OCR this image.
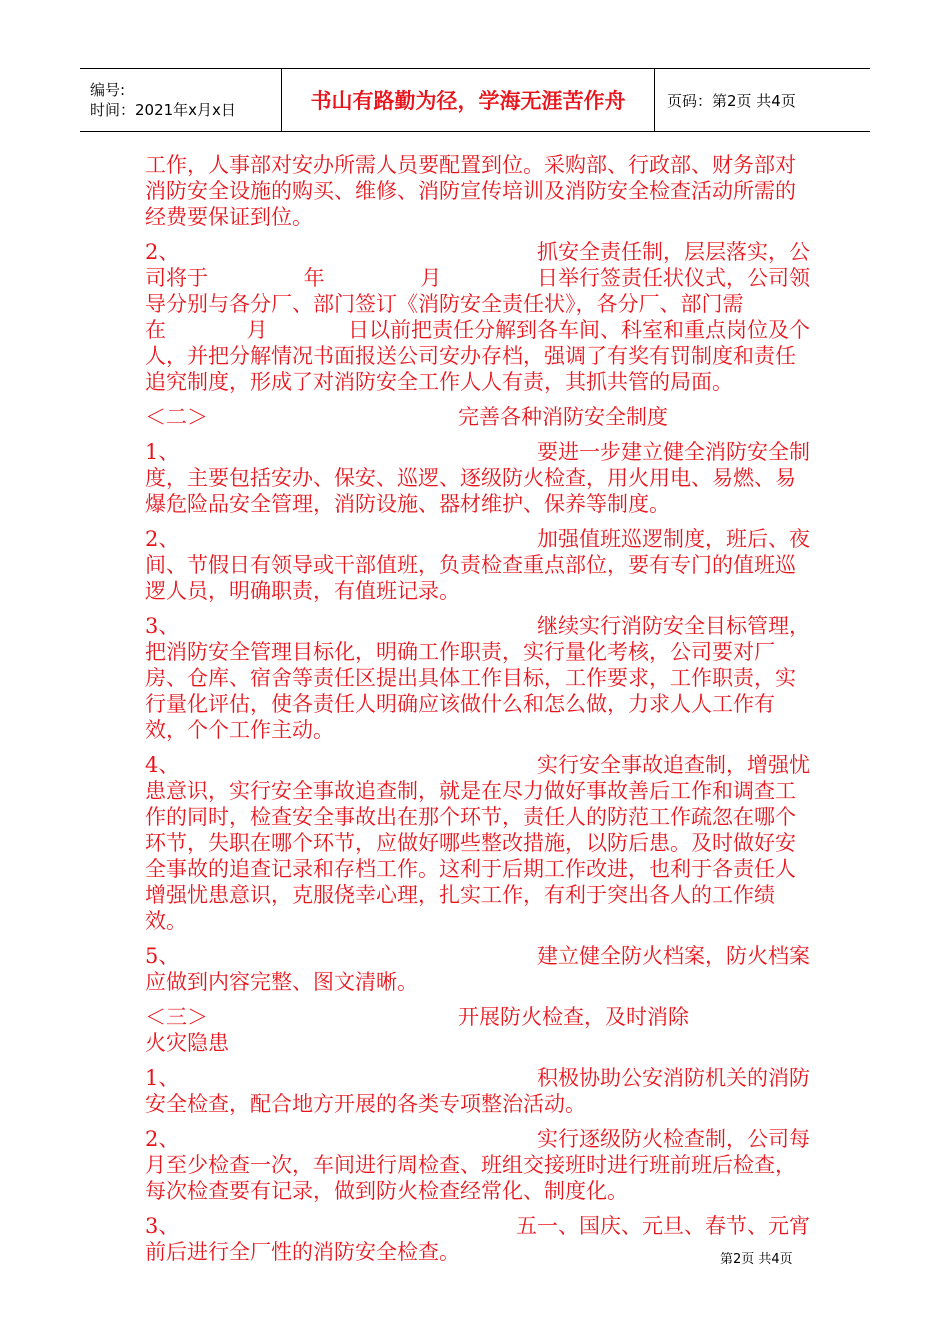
编号:
时间：2021年x月x日	书山有路勤为径，学海无涯苦作舟	页码：第2页 共4页

工作，人事部对安办所需人员要配置到位。采购部、行政部、财务部对消防安全设施的购买、维修、消防宣传培训及消防安全检查活动所需的经费要保证到位。

2、	抓安全责任制，层层落实，公
司将于	年	月	日举行签责任状仪式，公司领
导分别与各分厂、部门签订《消防安全责任状》，各分厂、部门需
在	月	日以前把责任分解到各车间、科室和重点岗位及个
人，并把分解情况书面报送公司安办存档，强调了有奖有罚制度和责任追究制度，形成了对消防安全工作人人有责，其抓共管的局面。
＜二＞	完善各种消防安全制度
1、	要进一步建立健全消防安全制
度，主要包括安办、保安、巡逻、逐级防火检查，用火用电、易燃、易爆危险品安全管理，消防设施、器材维护、保养等制度。
2、	加强值班巡逻制度，班后、夜
间、节假日有领导或干部值班，负责检查重点部位，要有专门的值班巡逻人员，明确职责，有值班记录。
3、	继续实行消防安全目标管理，
把消防安全管理目标化，明确工作职责，实行量化考核，公司要对厂房、仓库、宿舍等责任区提出具体工作目标，工作要求，工作职责，实行量化评估，使各责任人明确应该做什么和怎么做，力求人人工作有效，个个工作主动。
4、	实行安全事故追查制，增强忧
患意识，实行安全事故追查制，就是在尽力做好事故善后工作和调查工作的同时，检查安全事故出在那个环节，责任人的防范工作疏忽在哪个环节，失职在哪个环节，应做好哪些整改措施，以防后患。及时做好安全事故的追查记录和存档工作。这利于后期工作改进，也利于各责任人增强忧患意识，克服侥幸心理，扎实工作，有利于突出各人的工作绩效。
5、	建立健全防火档案，防火档案
应做到内容完整、图文清晰。
＜三＞	开展防火检查，及时消除
火灾隐患
1、	积极协助公安消防机关的消防
安全检查，配合地方开展的各类专项整治活动。
2、	实行逐级防火检查制，公司每
月至少检查一次，车间进行周检查、班组交接班时进行班前班后检查，每次检查要有记录，做到防火检查经常化、制度化。
3、	五一、国庆、元旦、春节、元宵
前后进行全厂性的消防安全检查。	第2页 共4页
